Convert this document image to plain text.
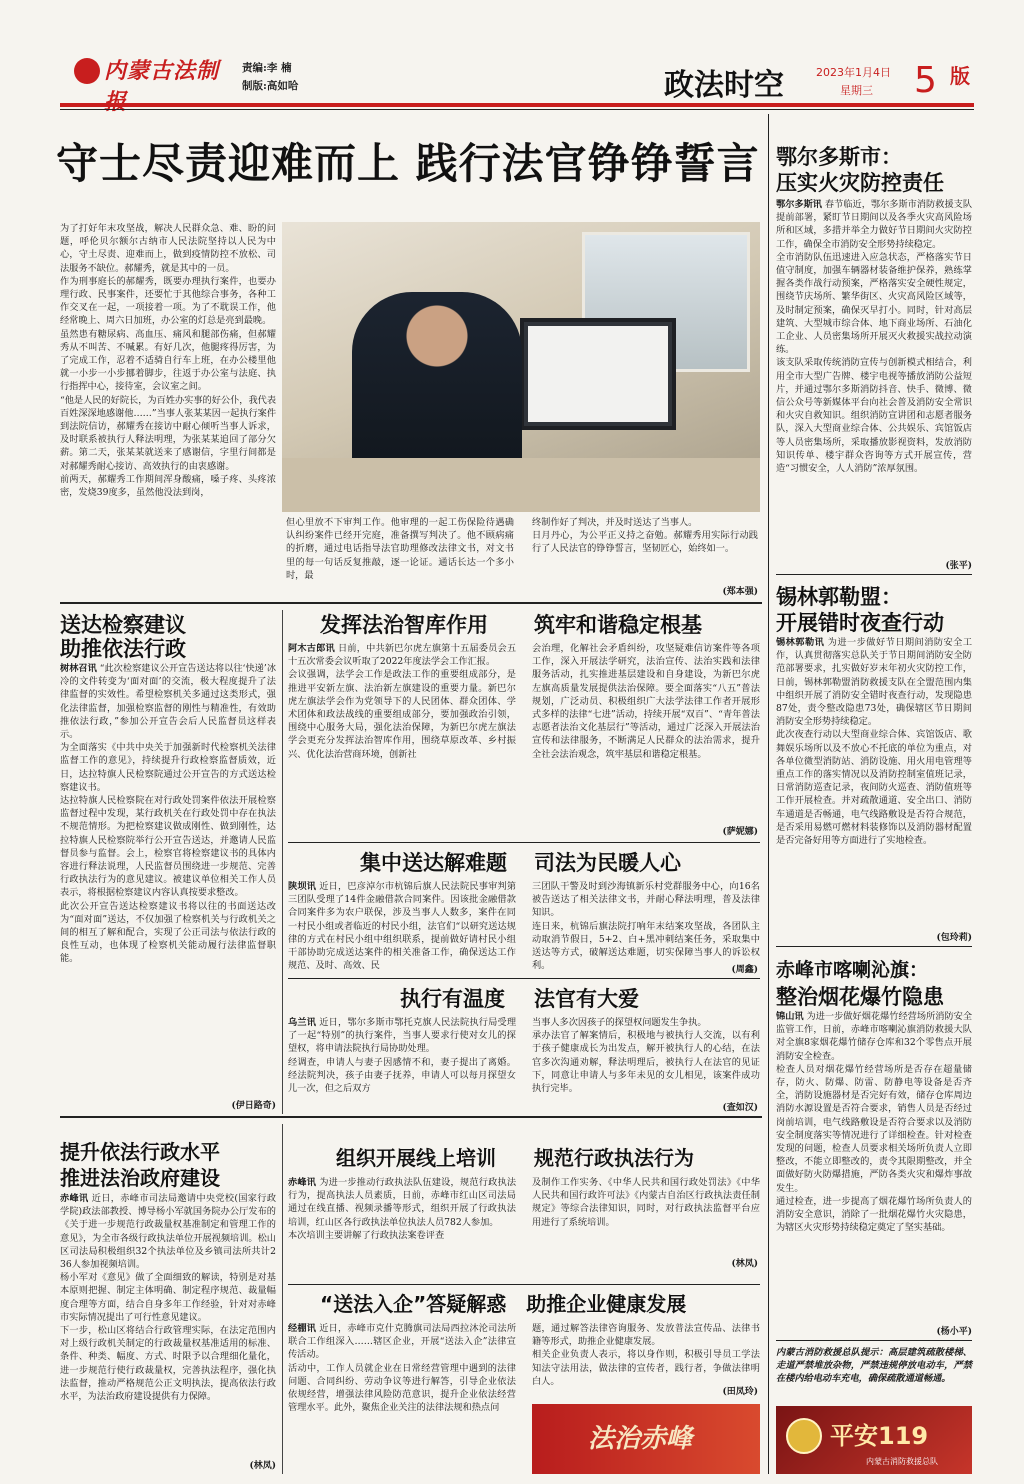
内蒙古法制	责编:李 楠
制版:高如哈	政法时空	2023年1月4日
星期三	5 版
守士尽责迎难而上 践行法官铮铮誓言
为了打好年末攻坚战，解决人民群众急、难、盼的问题，呼伦贝尔额尔古纳市人民法院坚持以人民为中心，守土尽责、迎难而上，做到疫情防控不放松、司法服务不缺位。郝耀秀，就是其中的一员。
作为刑事庭长的郝耀秀，既要办理执行案件，也要办理行政、民事案件，还要忙于其他综合事务，各种工作交叉在一起，一项接着一项。为了不耽误工作，他经常晚上、周六日加班，办公室的灯总是亮到最晚。
虽然患有糖尿病、高血压、痛风和腿部伤痛，但郝耀秀从不叫苦、不喊累。有好几次，他腿疼得厉害，为了完成工作，忍着不适骑自行车上班，在办公楼里他就一小步一小步挪着脚步，往返于办公室与法庭、执行指挥中心，接待室，会议室之间。
“他是人民的好院长，为百姓办实事的好公仆，我代表百姓深深地感谢他……”当事人张某某因一起执行案件到法院信访，郝耀秀在接访中耐心倾听当事人诉求，及时联系被执行人释法明理，为张某某追回了部分欠薪。第二天，张某某就送来了感谢信，字里行间都是对郝耀秀耐心接访、高效执行的由衷感谢。
前两天，郝耀秀工作期间浑身酸痛，嗓子疼、头疼浓密，发烧39度多，虽然他没法到岗，
但心里放不下审判工作。他审理的一起工伤保险待遇确认纠纷案件已经开完庭，准备撰写判决了。他不顾病痛的折磨，通过电话指导法官助理修改法律文书，对文书里的每一句话反复推敲，逐一论证。通话长达一个多小时，最
终制作好了判决，并及时送达了当事人。
日月丹心，为公平正义持之奋勉。郝耀秀用实际行动践行了人民法官的铮铮誓言，坚韧匠心，始终如一。
(郑本强)
送达检察建议
助推依法行政
树林召讯 “此次检察建议公开宣告送达将以往‘快递’冰冷的文件转变为‘面对面’的交流，极大程度提升了法律监督的实效性。希望检察机关多通过这类形式，强化法律监督，加强检察监督的刚性与精准性，有效助推依法行政，”参加公开宣告会后人民监督员这样表示。
为全面落实《中共中央关于加强新时代检察机关法律监督工作的意见》，持续提升行政检察监督质效，近日，达拉特旗人民检察院通过公开宣告的方式送达检察建议书。
达拉特旗人民检察院在对行政处罚案件依法开展检察监督过程中发现，某行政机关在行政处罚中存在执法不规范情形。为把检察建议做成刚性、做到刚性，达拉特旗人民检察院举行公开宣告送达，并邀请人民监督员参与监督。会上，检察官将检察建议书的具体内容进行释法说理，人民监督员围绕进一步规范、完善行政执法行为的意见建议。被建议单位相关工作人员表示，将根据检察建议内容认真按要求整改。
此次公开宣告送达检察建议书将以往的书面送达改为“面对面”送达，不仅加强了检察机关与行政机关之间的相互了解和配合，实现了公正司法与依法行政的良性互动，也体现了检察机关能动履行法律监督职能。
(伊日路奇)
发挥法治智库作用
阿木古郎讯 日前，中共新巴尔虎左旗第十五届委员会五十五次常委会议听取了2022年度法学会工作汇报。
会议强调，法学会工作是政法工作的重要组成部分，是推进平安新左旗、法治新左旗建设的重要力量。新巴尔虎左旗法学会作为党领导下的人民团体、群众团体、学术团体和政法战线的重要组成部分，要加强政治引领，围绕中心服务大局，强化法治保障，为新巴尔虎左旗法学会更充分发挥法治智库作用，围绕草原改革、乡村振兴、优化法治营商环境，创新社
筑牢和谐稳定根基
会治理，化解社会矛盾纠纷，攻坚疑难信访案件等各项工作，深入开展法学研究，法治宣传、法治实践和法律服务活动，扎实推进基层建设和自身建设，为新巴尔虎左旗高质量发展提供法治保障。要全面落实“八五”普法规划，广泛动员、积极组织广大法学法律工作者开展形式多样的法律“七进”活动，持续开展“双百”、“青年普法志愿者法治文化基层行”等活动，通过广泛深入开展法治宣传和法律服务，不断满足人民群众的法治需求，提升全社会法治观念，筑牢基层和谐稳定根基。
(萨妮娜)
集中送达解难题
陕坝讯 近日，巴彦淖尔市杭锦后旗人民法院民事审判第三团队受理了14件金融借款合同案件。因该批金融借款合同案件多为农户联保，涉及当事人人数多，案件在同一村民小组或者临近的村民小组，法官们“以研究送达规律的方式在村民小组中组织联系，提前做好请村民小组干部协助完成送达案件的相关准备工作，确保送达工作规范、及时、高效、民
司法为民暖人心
三团队干警及时到沙海镇新乐村党群服务中心，向16名被告送达了相关法律文书，并耐心释法明理，普及法律知识。
连日来，杭锦后旗法院打响年末结案攻坚战，各团队主动取消节假日，5+2、白+黑冲刺结案任务，采取集中送达等方式，破解送达难题，切实保障当事人的诉讼权利。	(周鑫)
执行有温度
乌兰讯 近日，鄂尔多斯市鄂托克旗人民法院执行局受理了一起“特别”的执行案件，当事人要求行使对女儿的探望权，将申请法院执行局协助处理。
经调查，申请人与妻子因感情不和，妻子提出了离婚。经法院判决，孩子由妻子抚养，申请人可以每月探望女儿一次，但之后双方
法官有大爱
当事人多次因孩子的探望权问题发生争执。
承办法官了解案情后，积极地与被执行人交流，以有利于孩子健康成长为出发点，解开被执行人的心结，在法官多次沟通劝解，释法明理后，被执行人在法官的见证下，同意让申请人与多年未见的女儿相见，该案件成功执行完毕。
(查如汉)
提升依法行政水平
推进法治政府建设
赤峰讯 近日，赤峰市司法局邀请中央党校(国家行政学院)政法部教授、博导杨小军就国务院办公厅发布的《关于进一步规范行政裁量权基准制定和管理工作的意见》，为全市各级行政执法单位开展视频培训。松山区司法局积极组织32个执法单位及乡镇司法所共计236人参加视频培训。
杨小军对《意见》做了全面细致的解读，特别是对基本原则把握、制定主体明确、制定程序规范、裁量幅度合理等方面，结合自身多年工作经验，针对对赤峰市实际情况提出了可行性意见建议。
下一步，松山区将结合行政管理实际，在法定范围内对上级行政机关制定的行政裁量权基准适用的标准、条件、种类、幅度、方式、时限予以合理细化量化，进一步规范行使行政裁量权，完善执法程序，强化执法监督，推动严格规范公正文明执法，提高依法行政水平，为法治政府建设提供有力保障。
(林凤)
组织开展线上培训
赤峰讯 为进一步推动行政执法队伍建设，规范行政执法行为，提高执法人员素质，日前，赤峰市红山区司法局通过在线直播、视频录播等形式，组织开展了行政执法培训，红山区各行政执法单位执法人员782人参加。
本次培训主要讲解了行政执法案卷评查
规范行政执法行为
及制作工作实务、《中华人民共和国行政处罚法》《中华人民共和国行政许可法》《内蒙古自治区行政执法责任制规定》等综合法律知识，同时，对行政执法监督平台应用进行了系统培训。
(林凤)
“送法入企”答疑解惑　助推企业健康发展
经棚讯 近日，赤峰市克什克腾旗司法局西拉沐沦司法所联合工作组深入……辖区企业，开展“送法入企”法律宣传活动。
活动中，工作人员就企业在日常经营管理中遇到的法律问题、合同纠纷、劳动争议等进行解答，引导企业依法依规经营，增强法律风险防范意识，提升企业依法经营管理水平。此外，聚焦企业关注的法律法规和热点问
题，通过解答法律咨询服务、发放普法宣传品、法律书籍等形式，助推企业健康发展。
相关企业负责人表示，将以身作则，积极引导员工学法知法守法用法，做法律的宣传者，践行者，争做法律明白人。
(田凤玲)
法治赤峰
鄂尔多斯市：
压实火灾防控责任
鄂尔多斯讯 春节临近，鄂尔多斯市消防救援支队提前部署，紧盯节日期间以及各季火灾高风险场所和区域，多措并举全力做好节日期间火灾防控工作，确保全市消防安全形势持续稳定。
全市消防队伍迅速进入应急状态，严格落实节日值守制度，加强车辆器材装备维护保养，熟练掌握各类作战行动预案，严格落实安全硬性规定，围绕节庆场所、繁华街区、火灾高风险区域等，及时制定预案，确保灭早打小。同时，针对高层建筑、大型城市综合体、地下商业场所、石油化工企业、人员密集场所开展灭火救援实战拉动演练。
该支队采取传统消防宣传与创新模式相结合，利用全市大型广告牌、楼宇电视等播放消防公益短片，并通过鄂尔多斯消防抖音、快手、微博、微信公众号等新媒体平台向社会普及消防安全常识和火灾自救知识。组织消防宣讲团和志愿者服务队，深入大型商业综合体、公共娱乐、宾馆饭店等人员密集场所，采取播放影视资料，发放消防知识传单、楼宇群众咨询等方式开展宣传，营造“习惯安全，人人消防”浓厚氛围。
(张平)
锡林郭勒盟：
开展错时夜查行动
锡林郭勒讯 为进一步做好节日期间消防安全工作，认真贯彻落实总队关于节日期间消防安全防范部署要求，扎实做好岁末年初火灾防控工作，日前，锡林郭勒盟消防救援支队在全盟范围内集中组织开展了消防安全错时夜查行动，发现隐患87处，责令整改隐患73处，确保辖区节日期间消防安全形势持续稳定。
此次夜查行动以大型商业综合体、宾馆饭店、歌舞娱乐场所以及不放心不托底的单位为重点，对各单位微型消防站、消防设施、用火用电管理等重点工作的落实情况以及消防控制室值班记录，日常消防巡查记录，夜间防火巡查、消防值班等工作开展检查。并对疏散通道、安全出口、消防车通道是否畅通，电气线路敷设是否符合规范，是否采用易燃可燃材料装修饰以及消防器材配置是否完备好用等方面进行了实地检查。
(包玲莉)
赤峰市喀喇沁旗：
整治烟花爆竹隐患
锦山讯 为进一步做好烟花爆竹经营场所消防安全监管工作，日前，赤峰市喀喇沁旗消防救援大队对全旗8家烟花爆竹储存仓库和32个零售点开展消防安全检查。
检查人员对烟花爆竹经营场所是否存在超量储存，防火、防爆、防雷、防静电等设备是否齐全，消防设施器材是否完好有效，储存仓库周边消防水源设置是否符合要求，销售人员是否经过岗前培训，电气线路敷设是否符合要求以及消防安全制度落实等情况进行了详细检查。针对检查发现的问题，检查人员要求相关场所负责人立即整改，不能立即整改的，责令其限期整改，并全面做好防火防爆措施，严防各类火灾和爆炸事故发生。
通过检查，进一步提高了烟花爆竹场所负责人的消防安全意识，消除了一批烟花爆竹火灾隐患，为辖区火灾形势持续稳定奠定了坚实基础。
(杨小平)
内蒙古消防救援总队提示：高层建筑疏散楼梯、走道严禁堆放杂物，严禁违规停放电动车，严禁在楼内给电动车充电，确保疏散通道畅通。
平安119
内蒙古消防救援总队
